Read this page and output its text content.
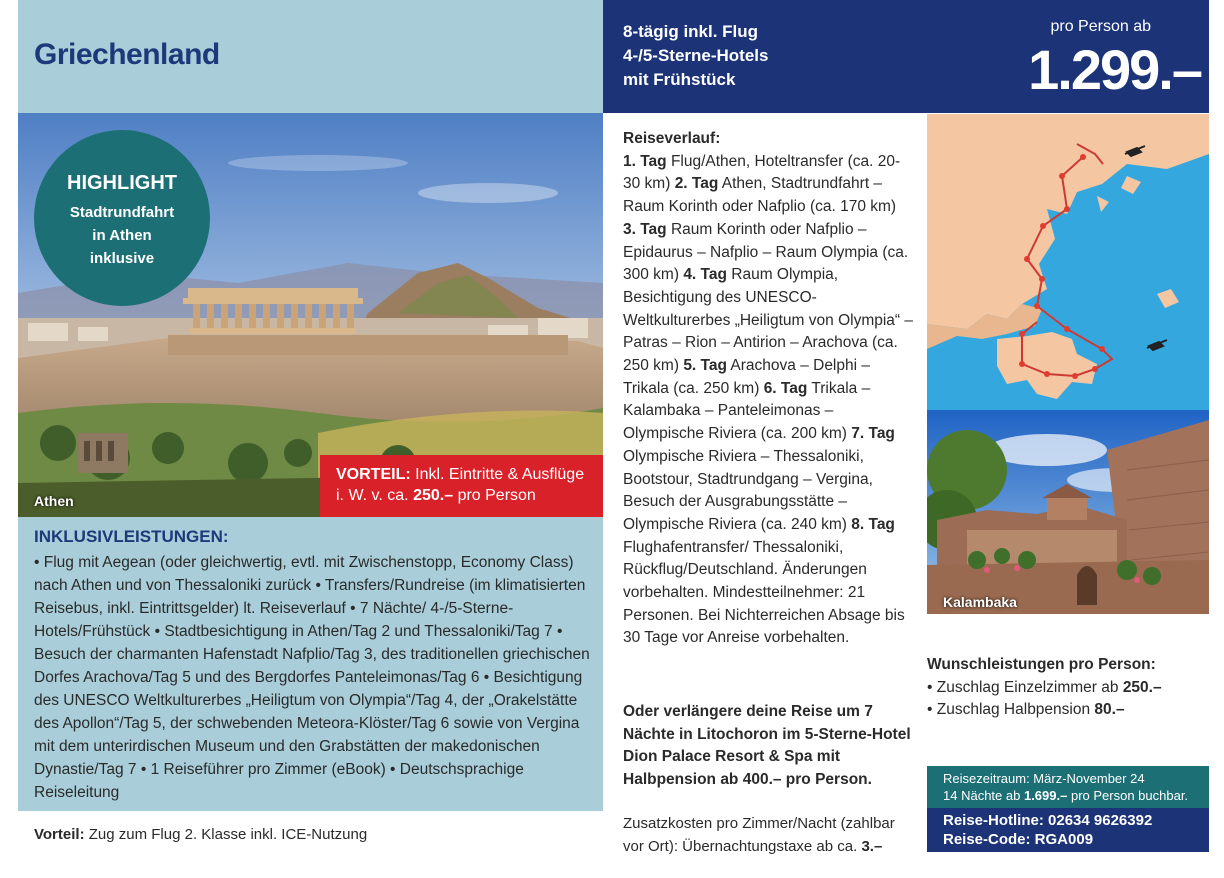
Griechenland
8-tägig inkl. Flug
4-/5-Sterne-Hotels
mit Frühstück
pro Person ab
1.299.–
Athen
HIGHLIGHT
Stadtrundfahrt
in Athen
inklusive
VORTEIL: Inkl. Eintritte & Ausflüge
i. W. v. ca. 250.– pro Person
INKLUSIVLEISTUNGEN:
• Flug mit Aegean (oder gleichwertig, evtl. mit Zwischenstopp, Economy Class) nach Athen und von Thessaloniki zurück • Transfers/Rundreise (im klimatisierten Reisebus, inkl. Eintrittsgelder) lt. Reiseverlauf • 7 Nächte/ 4-/5-Sterne-Hotels/Frühstück • Stadtbesichtigung in Athen/Tag 2 und Thessaloniki/Tag 7 • Besuch der charmanten Hafenstadt Nafplio/Tag 3, des traditionellen griechischen Dorfes Arachova/Tag 5 und des Bergdorfes Panteleimonas/Tag 6 • Besichtigung des UNESCO Weltkulturerbes „Heiligtum von Olympia“/Tag 4, der „Orakelstätte des Apollon“/Tag 5, der schwebenden Meteora-Klöster/Tag 6 sowie von Vergina mit dem unterirdischen Museum und den Grabstätten der makedonischen Dynastie/Tag 7 • 1 Reiseführer pro Zimmer (eBook) • Deutschsprachige Reiseleitung
Vorteil: Zug zum Flug 2. Klasse inkl. ICE-Nutzung
Reiseverlauf:
1. Tag Flug/Athen, Hoteltransfer (ca. 20-30 km) 2. Tag Athen, Stadtrundfahrt – Raum Korinth oder Nafplio (ca. 170 km) 3. Tag Raum Korinth oder Nafplio – Epidaurus – Nafplio – Raum Olympia (ca. 300 km) 4. Tag Raum Olympia, Besichtigung des UNESCO-Weltkulturerbes „Heiligtum von Olympia“ – Patras – Rion – Antirion – Arachova (ca. 250 km) 5. Tag Arachova – Delphi – Trikala (ca. 250 km) 6. Tag Trikala – Kalambaka – Panteleimonas – Olympische Riviera (ca. 200 km) 7. Tag Olympische Riviera – Thessaloniki, Bootstour, Stadtrundgang – Vergina, Besuch der Ausgrabungsstätte – Olympische Riviera (ca. 240 km) 8. Tag Flughafentransfer/ Thessaloniki, Rückflug/Deutschland. Änderungen vorbehalten. Mindestteilnehmer: 21 Personen. Bei Nichterreichen Absage bis 30 Tage vor Anreise vorbehalten.
Oder verlängere deine Reise um 7 Nächte in Litochoron im 5-Sterne-Hotel Dion Palace Resort & Spa mit Halbpension ab 400.– pro Person.
Zusatzkosten pro Zimmer/Nacht (zahlbar vor Ort): Übernachtungstaxe ab ca. 3.–
Kalambaka
Wunschleistungen pro Person:
• Zuschlag Einzelzimmer ab 250.–
• Zuschlag Halbpension 80.–
Reisezeitraum: März-November 24
14 Nächte ab 1.699.– pro Person buchbar.
Reise-Hotline: 02634 9626392
Reise-Code: RGA009
